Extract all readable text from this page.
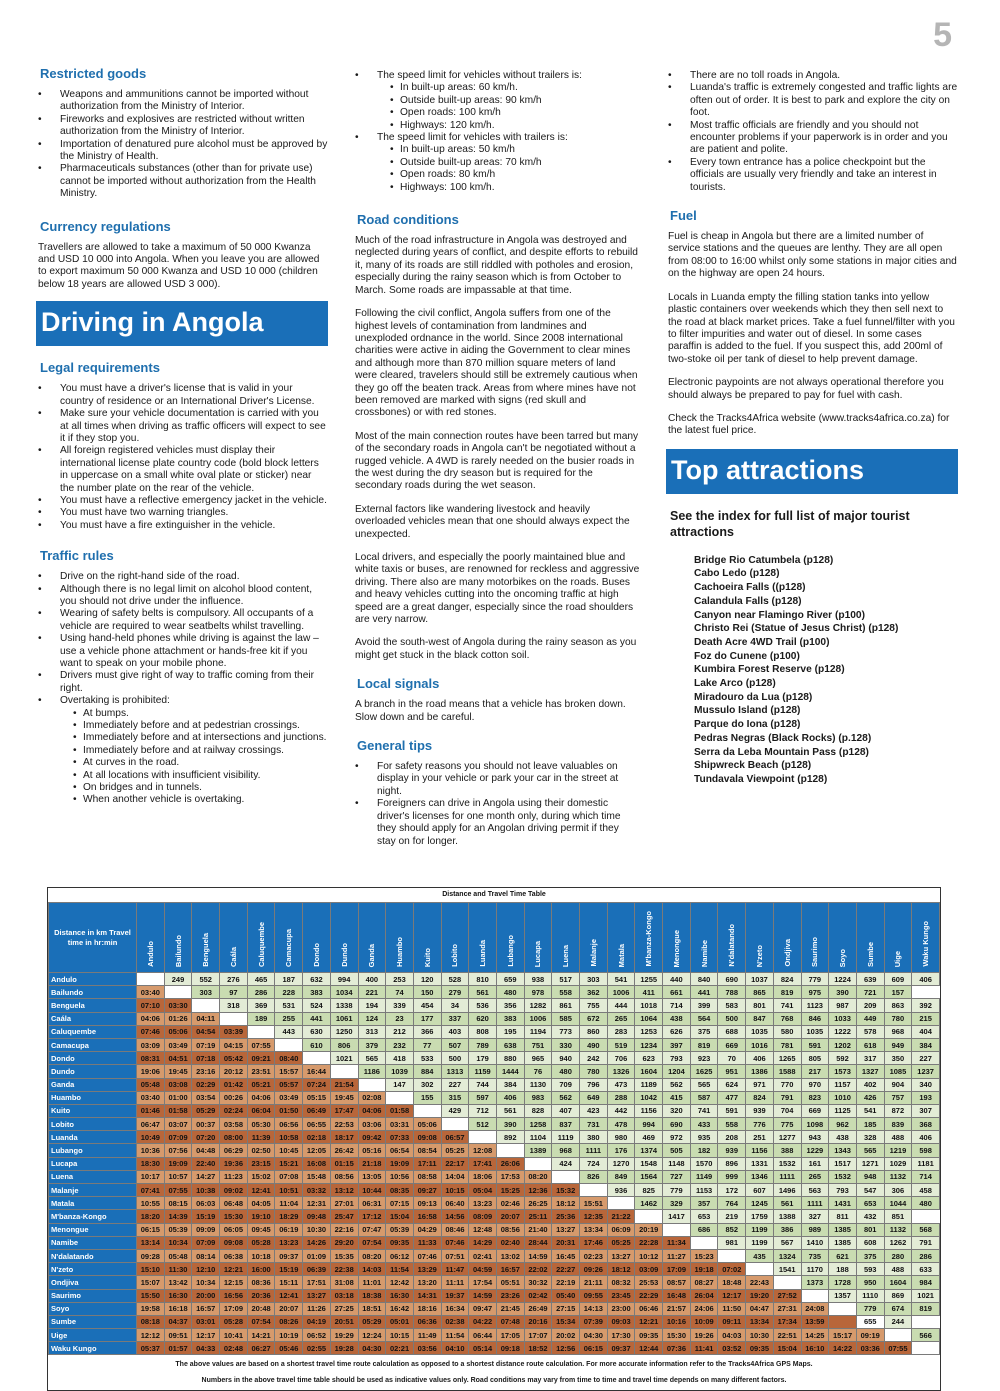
5
Restricted goods
• Weapons and ammunitions cannot be imported without authorization from the Ministry of Interior.
• Fireworks and explosives are restricted without written authorization from the Ministry of Interior.
• Importation of denatured pure alcohol must be approved by the Ministry of Health.
• Pharmaceuticals substances (other than for private use) cannot be imported without authorization from the Health Ministry.
Currency regulations

Travellers are allowed to take a maximum of 50 000 Kwanza and USD 10 000 into Angola. When you leave you are allowed to export maximum 50 000 Kwanza and USD 10 000 (children below 18 years are allowed USD 3 000).

Driving in Angola
Legal requirements
• You must have a driver's license that is valid in your country of residence or an International Driver's License.
• Make sure your vehicle documentation is carried with you at all times when driving as traffic officers will expect to see it if they stop you.
• All foreign registered vehicles must display their international license plate country code (bold block letters in uppercase on a small white oval plate or sticker) near the number plate on the rear of the vehicle.
• You must have a reflective emergency jacket in the vehicle.
• You must have two warning triangles.
• You must have a fire extinguisher in the vehicle.
Traffic rules
• Drive on the right-hand side of the road.
• Although there is no legal limit on alcohol blood content, you should not drive under the influence.
• Wearing of safety belts is compulsory. All occupants of a vehicle are required to wear seatbelts whilst travelling.
• Using hand-held phones while driving is against the law – use a vehicle phone attachment or hands-free kit if you want to speak on your mobile phone.
• Drivers must give right of way to traffic coming from their right.
• Overtaking is prohibited:
• At bumps.
• Immediately before and at pedestrian crossings.
• Immediately before and at intersections and junctions.
• Immediately before and at railway crossings.
• At curves in the road.
• At all locations with insufficient visibility.
• On bridges and in tunnels.
• When another vehicle is overtaking.
• The speed limit for vehicles without trailers is:
• In built-up areas: 60 km/h.
• Outside built-up areas: 90 km/h
• Open roads: 100 km/h
• Highways: 120 km/h.
• The speed limit for vehicles with trailers is:
• In built-up areas: 50 km/h
• Outside built-up areas: 70 km/h
• Open roads: 80 km/h
• Highways: 100 km/h.
Road conditions

Much of the road infrastructure in Angola was destroyed and neglected during years of conflict, and despite efforts to rebuild it, many of its roads are still riddled with potholes and erosion, especially during the rainy season which is from October to March. Some roads are impassable at that time.

Following the civil conflict, Angola suffers from one of the highest levels of contamination from landmines and unexploded ordnance in the world. Since 2008 international charities were active in aiding the Government to clear mines and although more than 870 million square meters of land were cleared, travelers should still be extremely cautious when they go off the beaten track. Areas from where mines have not been removed are marked with signs (red skull and crossbones) or with red stones.

Most of the main connection routes have been tarred but many of the secondary roads in Angola can't be negotiated without a rugged vehicle. A 4WD is rarely needed on the busier roads in the west during the dry season but is required for the secondary roads during the wet season.

External factors like wandering livestock and heavily overloaded vehicles mean that one should always expect the unexpected.

Local drivers, and especially the poorly maintained blue and white taxis or buses, are renowned for reckless and aggressive driving. There also are many motorbikes on the roads. Buses and heavy vehicles cutting into the oncoming traffic at high speed are a great danger, especially since the road shoulders are very narrow.

Avoid the south-west of Angola during the rainy season as you might get stuck in the black cotton soil.

Local signals

A branch in the road means that a vehicle has broken down. Slow down and be careful.

General tips
• For safety reasons you should not leave valuables on display in your vehicle or park your car in the street at night.
• Foreigners can drive in Angola using their domestic driver's licenses for one month only, during which time they should apply for an Angolan driving permit if they stay on for longer.
• There are no toll roads in Angola.
• Luanda's traffic is extremely congested and traffic lights are often out of order. It is best to park and explore the city on foot.
• Most traffic officials are friendly and you should not encounter problems if your paperwork is in order and you are patient and polite.
• Every town entrance has a police checkpoint but the officials are usually very friendly and take an interest in tourists.
Fuel

Fuel is cheap in Angola but there are a limited number of service stations and the queues are lenthy. They are all open from 08:00 to 16:00 whilst only some stations in major cities and on the highway are open 24 hours.

Locals in Luanda empty the filling station tanks into yellow plastic containers over weekends which they then sell next to the road at black market prices. Take a fuel funnel/filter with you to filter impurities and water out of diesel. In some cases paraffin is added to the fuel. If you suspect this, add 200ml of two-stoke oil per tank of diesel to help prevent damage.

Electronic paypoints are not always operational therefore you should always be prepared to pay for fuel with cash.

Check the Tracks4Africa website (www.tracks4africa.co.za) for the latest fuel price.

Top attractions
See the index for full list of major tourist attractions
Bridge Rio Catumbela (p128)
Cabo Ledo (p128)
Cachoeira Falls ((p128)
Calandula Falls (p128)
Canyon near Flamingo River (p100)
Christo Rei (Statue of Jesus Christ) (p128)
Death Acre 4WD Trail (p100)
Foz do Cunene (p100)
Kumbira Forest Reserve (p128)
Lake Arco (p128)
Miradouro da Lua (p128)
Mussulo Island (p128)
Parque do Iona (p128)
Pedras Negras (Black Rocks) (p.128)
Serra da Leba Mountain Pass (p128)
Shipwreck Beach (p128)
Tundavala Viewpoint (p128)
Distance and Travel Time Table
Distance in km Travel time in hr:min	Andulo	Bailundo	Benguela	Caála	Caluquembe	Camacupa	Dondo	Dundo	Ganda	Huambo	Kuito	Lobito	Luanda	Lubango	Lucapa	Luena	Malanje	Matala	M'banza-Kongo	Menongue	Namibe	N'dalatando	N'zeto	Ondjiva	Saurimo	Soyo	Sumbe	Uige	Waku Kungo
Andulo		249	552	276	465	187	632	994	400	253	120	528	810	659	938	517	303	541	1255	440	840	690	1037	824	779	1224	639	609	406
Bailundo	03:40		303	97	286	228	383	1034	221	74	150	279	561	480	978	558	362	1006	411	661	441	788	865	819	975	390	721	157	
Benguela	07:10	03:30		318	369	531	524	1338	194	339	454	34	536	356	1282	861	755	444	1018	714	399	583	801	741	1123	987	209	863	392
Caála	04:06	01:26	04:11		189	255	441	1061	124	23	177	337	620	383	1006	585	672	265	1064	438	564	500	847	768	846	1033	449	780	215
Caluquembe	07:46	05:06	04:54	03:39		443	630	1250	313	212	366	403	808	195	1194	773	860	283	1253	626	375	688	1035	580	1035	1222	578	968	404
Camacupa	03:09	03:49	07:19	04:15	07:55		610	806	379	232	77	507	789	638	751	330	490	519	1234	397	819	669	1016	781	591	1202	618	949	384
Dondo	08:31	04:51	07:18	05:42	09:21	08:40		1021	565	418	533	500	179	880	965	940	242	706	623	793	923	70	406	1265	805	592	317	350	227
Dundo	19:06	19:45	23:16	20:12	23:51	15:57	16:44		1186	1039	884	1313	1159	1444	76	480	780	1326	1604	1204	1625	951	1386	1588	217	1573	1327	1085	1237
Ganda	05:48	03:08	02:29	01:42	05:21	05:57	07:24	21:54		147	302	227	744	384	1130	709	796	473	1189	562	565	624	971	770	970	1157	402	904	340
Huambo	03:40	01:00	03:54	00:26	04:06	03:49	05:15	19:45	02:08		155	315	597	406	983	562	649	288	1042	415	587	477	824	791	823	1010	426	757	193
Kuito	01:46	01:58	05:29	02:24	06:04	01:50	06:49	17:47	04:06	01:58		429	712	561	828	407	423	442	1156	320	741	591	939	704	669	1125	541	872	307
Lobito	06:47	03:07	00:37	03:58	05:30	06:56	06:55	22:53	03:06	03:31	05:06		512	390	1258	837	731	478	994	690	433	558	776	775	1098	962	185	839	368
Luanda	10:49	07:09	07:20	08:00	11:39	10:58	02:18	18:17	09:42	07:33	09:08	06:57		892	1104	1119	380	980	469	972	935	208	251	1277	943	438	328	488	406
Lubango	10:36	07:56	04:48	06:29	02:50	10:45	12:05	26:42	05:16	06:54	08:54	05:25	12:08		1389	968	1111	176	1374	505	182	939	1156	388	1229	1343	565	1219	598
Lucapa	18:30	19:09	22:40	19:36	23:15	15:21	16:08	01:15	21:18	19:09	17:11	22:17	17:41	26:06		424	724	1270	1548	1148	1570	896	1331	1532	161	1517	1271	1029	1181
Luena	10:17	10:57	14:27	11:23	15:02	07:08	15:48	08:56	13:05	10:56	08:58	14:04	18:06	17:53	08:20		826	849	1564	727	1149	999	1346	1111	265	1532	948	1132	714
Malanje	07:41	07:55	10:38	09:02	12:41	10:51	03:32	13:12	10:44	08:35	09:27	10:15	05:04	15:25	12:36	15:32		936	825	779	1153	172	607	1496	563	793	547	306	458
Matala	10:55	08:15	06:03	06:48	04:05	11:04	12:31	27:01	06:31	07:15	09:13	06:40	13:23	02:46	26:25	18:12	15:51		1462	329	357	764	1245	561	1111	1431	653	1044	480
M'banza-Kongo	18:20	14:39	15:19	15:30	19:10	18:29	09:48	25:47	17:12	15:04	16:58	14:56	08:09	20:07	25:11	25:36	12:35	21:22		1417	653	219	1759	1388	327	811	432	851	
Menongue	06:15	05:39	09:09	06:05	09:45	06:19	10:30	22:16	07:47	05:39	04:29	08:46	12:48	08:56	21:40	13:27	13:34	06:09	20:19		686	852	1199	386	989	1385	801	1132	568
Namibe	13:14	10:34	07:09	09:08	05:28	13:23	14:26	29:20	07:54	09:35	11:33	07:46	14:29	02:40	28:44	20:31	17:46	05:25	22:28	11:34		981	1199	567	1410	1385	608	1262	791
N'dalatando	09:28	05:48	08:14	06:38	10:18	09:37	01:09	15:35	08:20	06:12	07:46	07:51	02:41	13:02	14:59	16:45	02:23	13:27	10:12	11:27	15:23		435	1324	735	621	375	280	286
N'zeto	15:10	11:30	12:10	12:21	16:00	15:19	06:39	22:38	14:03	11:54	13:29	11:47	04:59	16:57	22:02	22:27	09:26	18:12	03:09	17:09	19:18	07:02		1541	1170	188	593	488	633
Ondjiva	15:07	13:42	10:34	12:15	08:36	15:11	17:51	31:08	11:01	12:42	13:20	11:11	17:54	05:51	30:32	22:19	21:11	08:32	25:53	08:57	08:27	18:48	22:43		1373	1728	950	1604	984
Saurimo	15:50	16:30	20:00	16:56	20:36	12:41	13:27	03:18	18:38	16:30	14:31	19:37	14:59	23:26	02:42	05:40	09:55	23:45	22:29	16:48	26:04	12:17	19:20	27:52		1357	1110	869	1021
Soyo	19:58	16:18	16:57	17:09	20:48	20:07	11:26	27:25	18:51	16:42	18:16	16:34	09:47	21:45	26:49	27:15	14:13	23:00	06:46	21:57	24:06	11:50	04:47	27:31	24:08		779	674	819
Sumbe	08:18	04:37	03:01	05:28	07:54	08:26	04:19	20:51	05:29	05:01	06:36	02:38	04:22	07:48	20:16	15:34	07:39	09:03	12:21	10:16	10:09	09:11	13:34	17:34	13:59		655	244	
Uige	12:12	09:51	12:17	10:41	14:21	10:19	06:52	19:29	12:24	10:15	11:49	11:54	06:44	17:05	17:07	20:02	04:30	17:30	09:35	15:30	19:26	04:03	10:30	22:51	14:25	15:17	09:19		566
Waku Kungo	05:37	01:57	04:33	02:48	06:27	05:46	02:55	19:28	04:30	02:21	03:56	04:10	05:14	09:18	18:52	12:56	06:15	09:37	12:44	07:36	11:41	03:52	09:35	15:04	16:10	14:22	03:36	07:55	
The above values are based on a shortest travel time route calculation as opposed to a shortest distance route calculation. For more accurate information refer to the Tracks4Africa GPS Maps.
Numbers in the above travel time table should be used as indicative values only. Road conditions may vary from time to time and travel time depends on many different factors.
